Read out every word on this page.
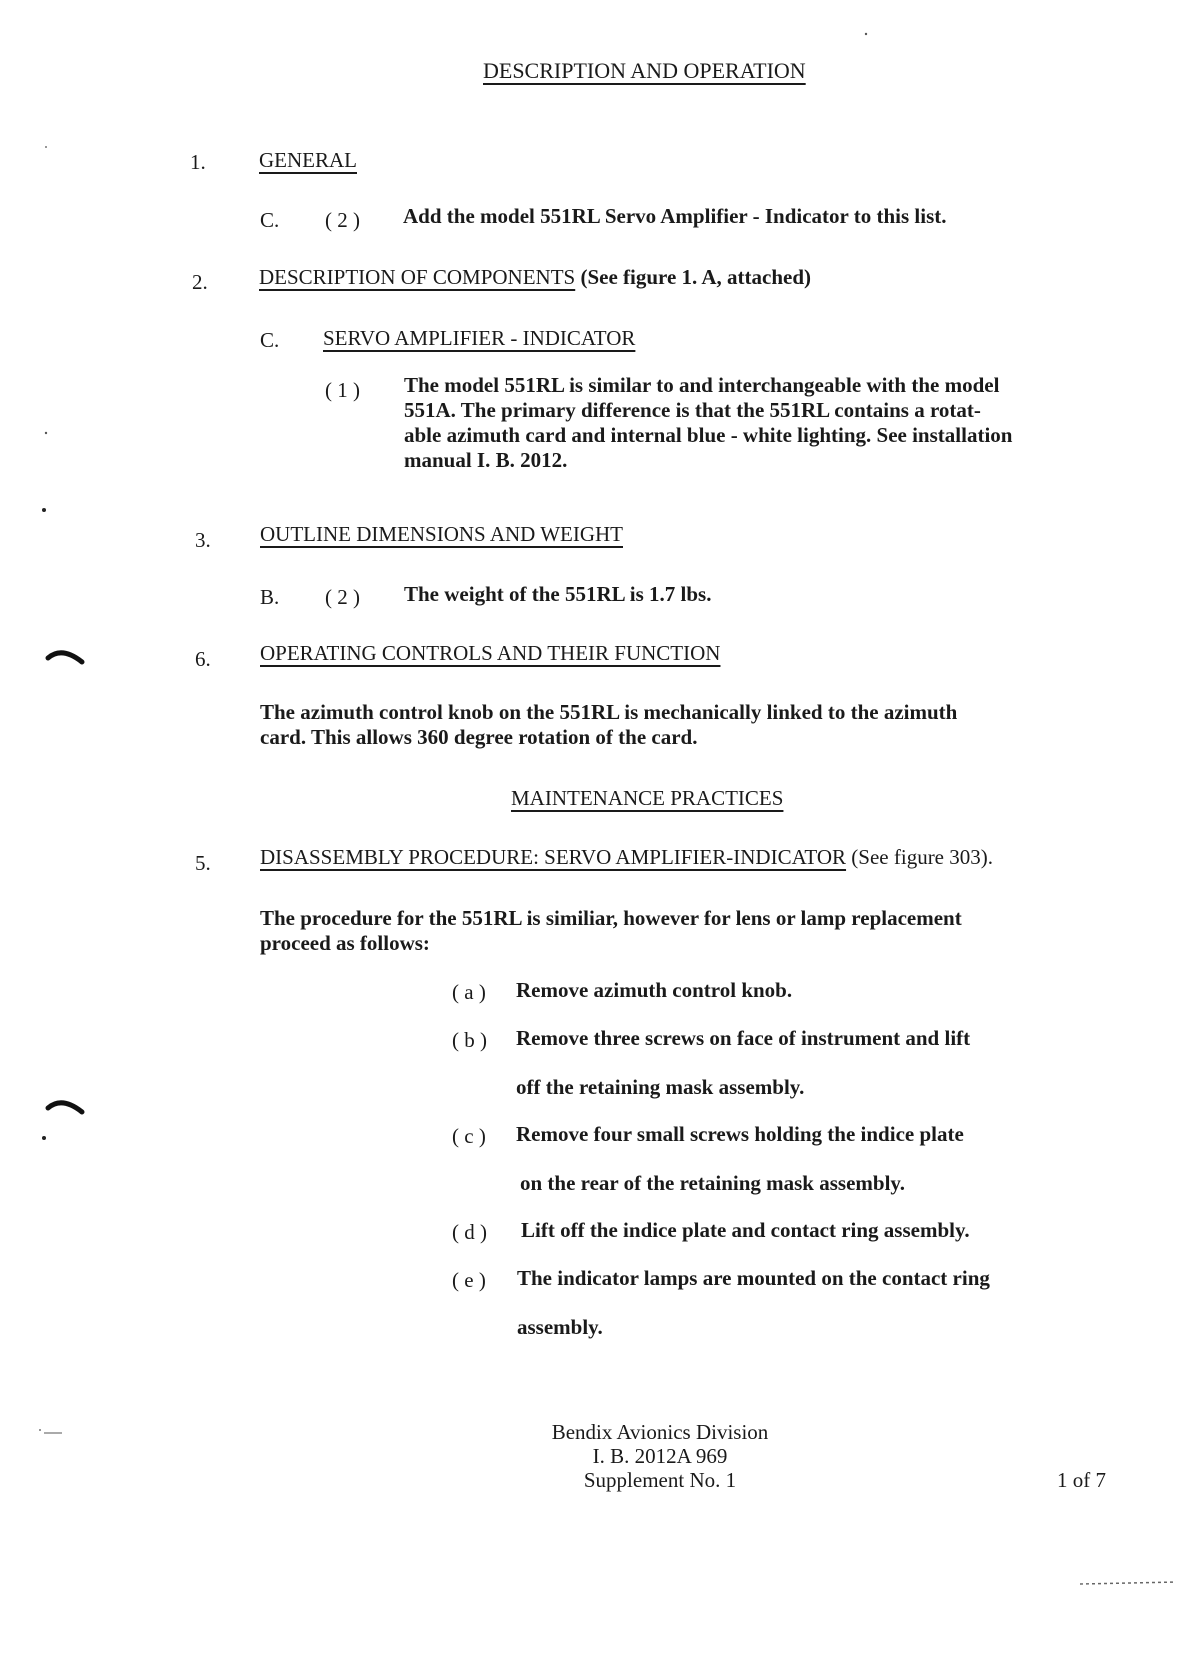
DESCRIPTION AND OPERATION
1.	GENERAL
C. ( 2 ) Add the model 551RL Servo Amplifier - Indicator to this list.
2. DESCRIPTION OF COMPONENTS (See figure 1. A, attached)
C. SERVO AMPLIFIER - INDICATOR
( 1 ) The model 551RL is similar to and interchangeable with the model
551A. The primary difference is that the 551RL contains a rotat-
able azimuth card and internal blue - white lighting. See installation
manual I. B. 2012.
3. OUTLINE DIMENSIONS AND WEIGHT
B. ( 2 ) The weight of the 551RL is 1.7 lbs.
6. OPERATING CONTROLS AND THEIR FUNCTION
The azimuth control knob on the 551RL is mechanically linked to the azimuth
card. This allows 360 degree rotation of the card.
MAINTENANCE PRACTICES
5. DISASSEMBLY PROCEDURE: SERVO AMPLIFIER-INDICATOR (See figure 303).
The procedure for the 551RL is similiar, however for lens or lamp replacement
proceed as follows:
( a ) Remove azimuth control knob.
( b ) Remove three screws on face of instrument and lift
off the retaining mask assembly.
( c ) Remove four small screws holding the indice plate
on the rear of the retaining mask assembly.
( d ) Lift off the indice plate and contact ring assembly.
( e ) The indicator lamps are mounted on the contact ring
assembly.
Bendix Avionics Division
I. B. 2012A 969
Supplement No. 1	1 of 7
